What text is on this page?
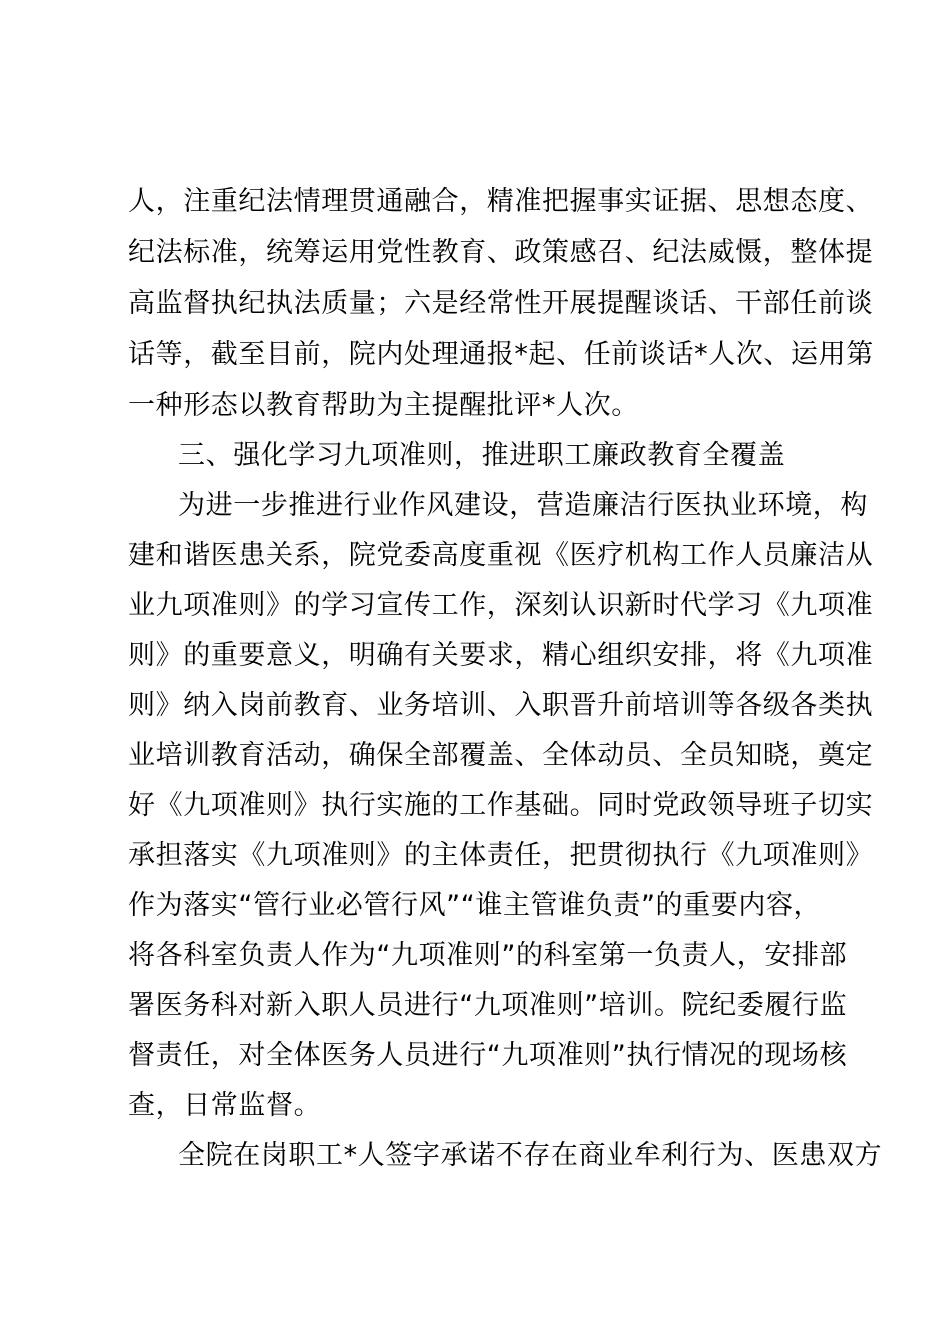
人，注重纪法情理贯通融合，精准把握事实证据、思想态度、
纪法标准，统筹运用党性教育、政策感召、纪法威慑，整体提
高监督执纪执法质量；六是经常性开展提醒谈话、干部任前谈
话等，截至目前，院内处理通报*起、任前谈话*人次、运用第
一种形态以教育帮助为主提醒批评*人次。
三、强化学习九项准则，推进职工廉政教育全覆盖
为进一步推进行业作风建设，营造廉洁行医执业环境，构
建和谐医患关系，院党委高度重视《医疗机构工作人员廉洁从
业九项准则》的学习宣传工作，深刻认识新时代学习《九项准
则》的重要意义，明确有关要求，精心组织安排，将《九项准
则》纳入岗前教育、业务培训、入职晋升前培训等各级各类执
业培训教育活动，确保全部覆盖、全体动员、全员知晓，奠定
好《九项准则》执行实施的工作基础。同时党政领导班子切实
承担落实《九项准则》的主体责任，把贯彻执行《九项准则》
作为落实“管行业必管行风”“谁主管谁负责”的重要内容，
将各科室负责人作为“九项准则”的科室第一负责人，安排部
署医务科对新入职人员进行“九项准则”培训。院纪委履行监
督责任，对全体医务人员进行“九项准则”执行情况的现场核
查，日常监督。
全院在岗职工*人签字承诺不存在商业牟利行为、医患双方
